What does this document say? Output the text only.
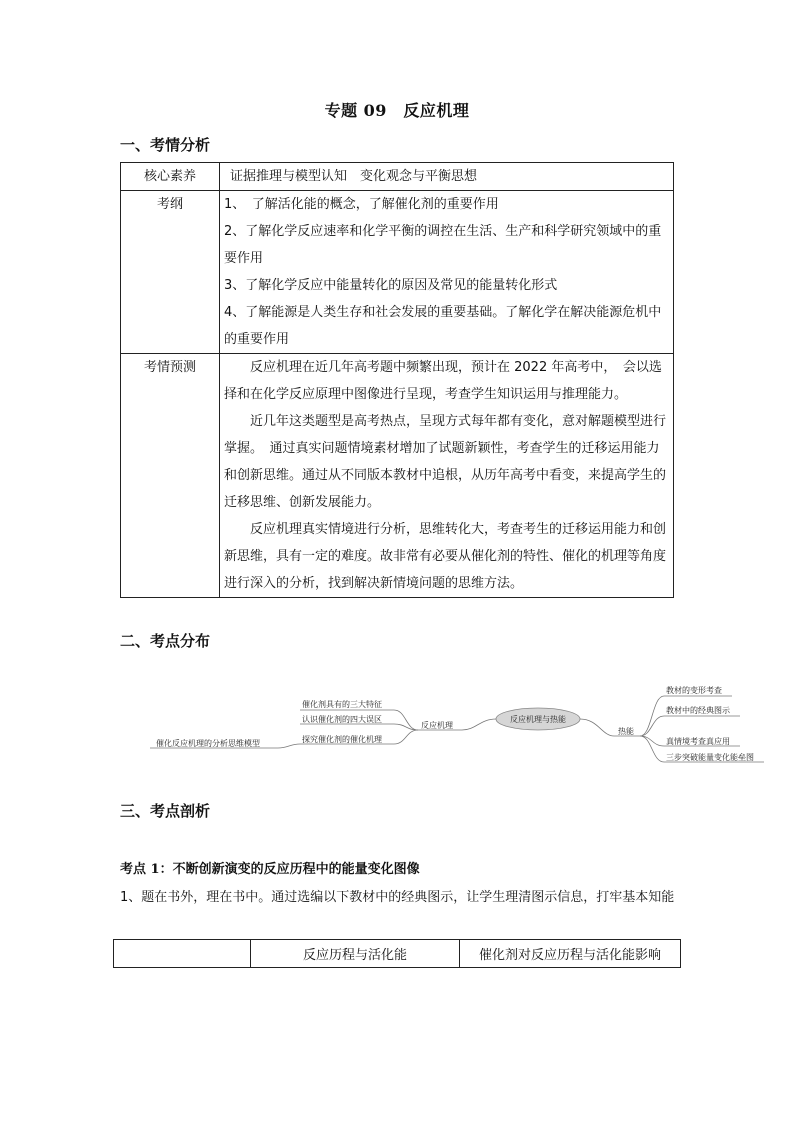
专题 09　反应机理
一、考情分析
核心素养	证据推理与模型认知　变化观念与平衡思想
考纲	1、　了解活化能的概念，了解催化剂的重要作用
2、了解化学反应速率和化学平衡的调控在生活、生产和科学研究领域中的重要作用
3、了解化学反应中能量转化的原因及常见的能量转化形式
4、了解能源是人类生存和社会发展的重要基础。了解化学在解决能源危机中的重要作用

考情预测	反应机理在近几年高考题中频繁出现，预计在 2022 年高考中，　会以选择和在化学反应原理中图像进行呈现，考查学生知识运用与推理能力。
近几年这类题型是高考热点，呈现方式每年都有变化，意对解题模型进行掌握。　通过真实问题情境素材增加了试题新颖性，考查学生的迁移运用能力和创新思维。通过从不同版本教材中追根，从历年高考中看变，来提高学生的迁移思维、创新发展能力。
反应机理真实情境进行分析，思维转化大，考查考生的迁移运用能力和创新思维，具有一定的难度。故非常有必要从催化剂的特性、催化的机理等角度进行深入的分析，找到解决新情境问题的思维方法。
二、考点分布
反应机理与热能
反应机理
催化剂具有的三大特征
认识催化剂的四大误区
探究催化剂的催化机理
催化反应机理的分析思维模型
热能
教材的变形考查
教材中的经典图示
真情境考查真应用
三步突破能量变化能垒图
三、考点剖析
考点 1：不断创新演变的反应历程中的能量变化图像
1、题在书外，理在书中。通过选编以下教材中的经典图示，让学生理清图示信息，打牢基本知能
	反应历程与活化能	催化剂对反应历程与活化能影响
